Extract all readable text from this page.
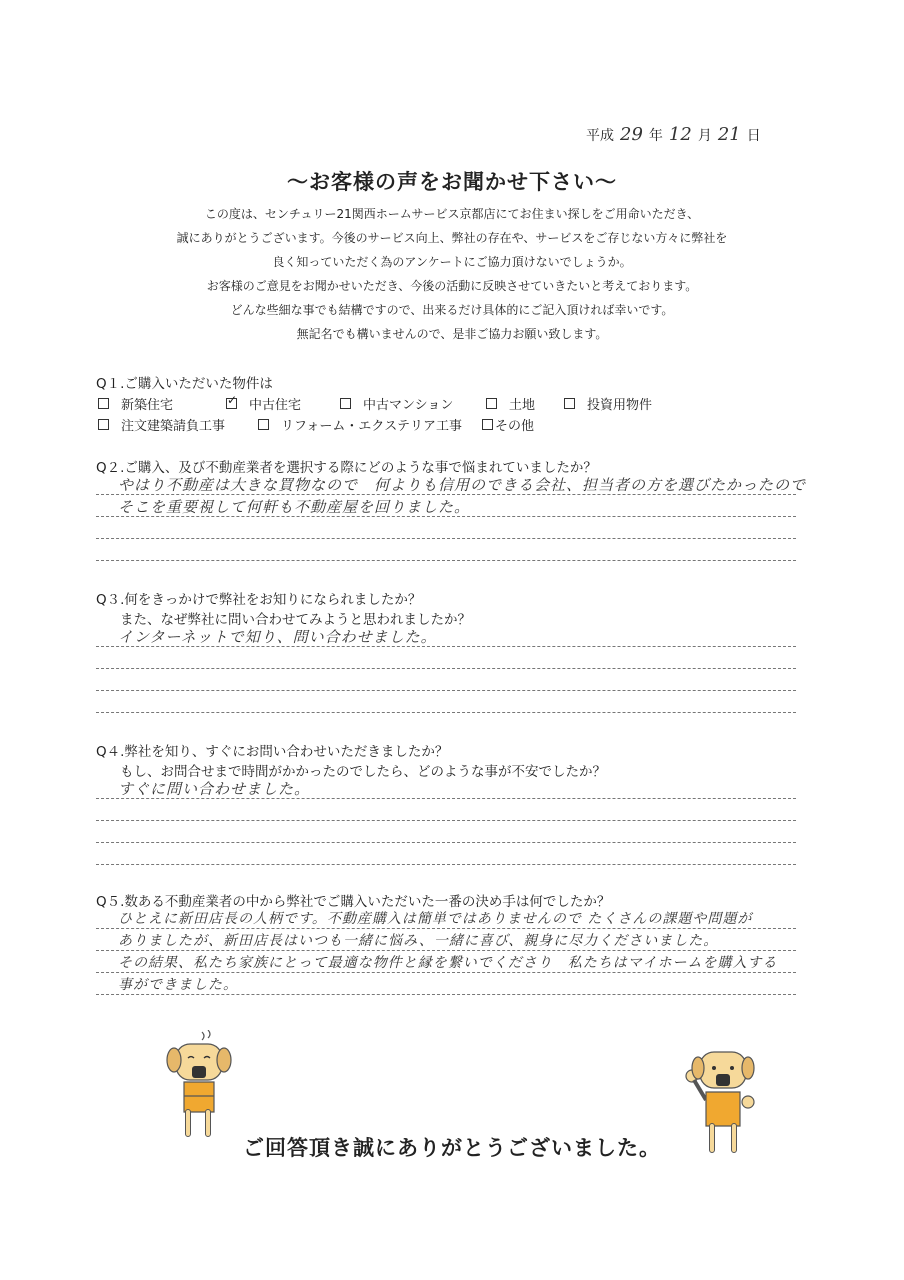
平成 29 年 12 月 21 日
〜お客様の声をお聞かせ下さい〜
この度は、センチュリー21関西ホームサービス京都店にてお住まい探しをご用命いただき、
誠にありがとうございます。今後のサービス向上、弊社の存在や、サービスをご存じない方々に弊社を
良く知っていただく為のアンケートにご協力頂けないでしょうか。
お客様のご意見をお聞かせいただき、今後の活動に反映させていきたいと考えております。
どんな些細な事でも結構ですので、出来るだけ具体的にご記入頂ければ幸いです。
無記名でも構いませんので、是非ご協力お願い致します。
Q１.ご購入いただいた物件は
新築住宅
✓	中古住宅	中古マンション	土地	投資用物件
注文建築請負工事	リフォーム・エクステリア工事	その他
Q２.ご購入、及び不動産業者を選択する際にどのような事で悩まれていましたか？
やはり不動産は大きな買物なので　何よりも信用のできる会社、担当者の方を選びたかったので
そこを重要視して何軒も不動産屋を回りました。
Q３.何をきっかけで弊社をお知りになられましたか？
また、なぜ弊社に問い合わせてみようと思われましたか？
インターネットで知り、問い合わせました。
Q４.弊社を知り、すぐにお問い合わせいただきましたか？
もし、お問合せまで時間がかかったのでしたら、どのような事が不安でしたか？
すぐに問い合わせました。
Q５.数ある不動産業者の中から弊社でご購入いただいた一番の決め手は何でしたか？
ひとえに新田店長の人柄です。不動産購入は簡単ではありませんので たくさんの課題や問題が
ありましたが、新田店長はいつも一緒に悩み、一緒に喜び、親身に尽力くださいました。
その結果、私たち家族にとって最適な物件と縁を繋いでくださり　私たちはマイホームを購入する
事ができました。
ご回答頂き誠にありがとうございました。
